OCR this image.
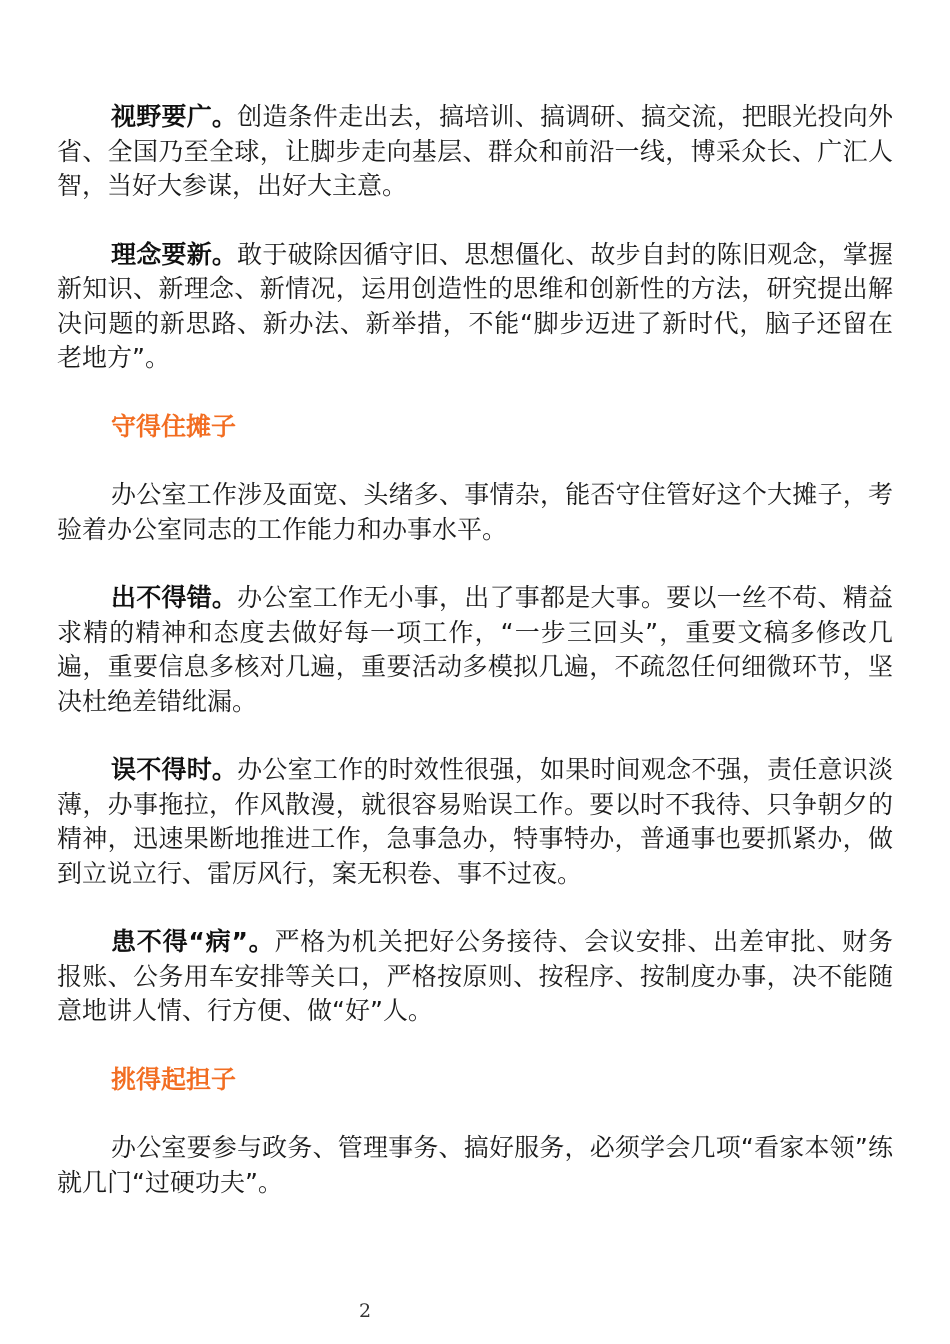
视野要广。创造条件走出去，搞培训、搞调研、搞交流，把眼光投向外省、全国乃至全球，让脚步走向基层、群众和前沿一线，博采众长、广汇人智，当好大参谋，出好大主意。

理念要新。敢于破除因循守旧、思想僵化、故步自封的陈旧观念，掌握新知识、新理念、新情况，运用创造性的思维和创新性的方法，研究提出解决问题的新思路、新办法、新举措，不能“脚步迈进了新时代，脑子还留在老地方”。

守得住摊子

办公室工作涉及面宽、头绪多、事情杂，能否守住管好这个大摊子，考验着办公室同志的工作能力和办事水平。

出不得错。办公室工作无小事，出了事都是大事。要以一丝不苟、精益求精的精神和态度去做好每一项工作，“一步三回头”，重要文稿多修改几遍，重要信息多核对几遍，重要活动多模拟几遍，不疏忽任何细微环节，坚决杜绝差错纰漏。

误不得时。办公室工作的时效性很强，如果时间观念不强，责任意识淡薄，办事拖拉，作风散漫，就很容易贻误工作。要以时不我待、只争朝夕的精神，迅速果断地推进工作，急事急办，特事特办，普通事也要抓紧办，做到立说立行、雷厉风行，案无积卷、事不过夜。

患不得“病”。严格为机关把好公务接待、会议安排、出差审批、财务报账、公务用车安排等关口，严格按原则、按程序、按制度办事，决不能随意地讲人情、行方便、做“好”人。

挑得起担子

办公室要参与政务、管理事务、搞好服务，必须学会几项“看家本领”练就几门“过硬功夫”。

2
